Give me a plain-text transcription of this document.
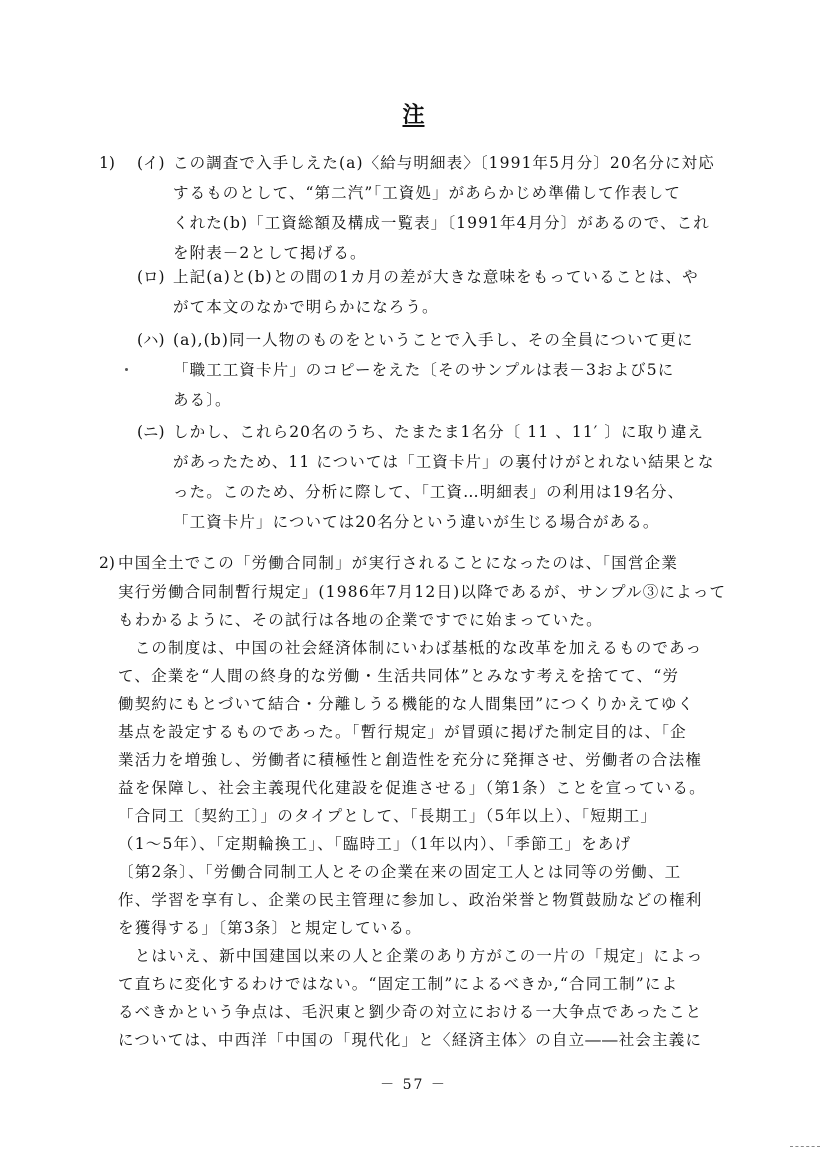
注
1) (イ) この調査で入手しえた(a)〈給与明細表〉〔1991年5月分〕20名分に対応
するものとして、“第二汽”「工資処」があらかじめ準備して作表して
くれた(b)「工資総額及構成一覧表」〔1991年4月分〕があるので、これ
を附表－2として掲げる。
(ロ) 上記(a)と(b)との間の1カ月の差が大きな意味をもっていることは、や
がて本文のなかで明らかになろう。
(ハ) (a),(b)同一人物のものをということで入手し、その全員について更に
「職工工資卡片」のコピーをえた〔そのサンプルは表－3および5に
ある〕。
(ニ) しかし、これら20名のうち、たまたま1名分〔 11 、11′ 〕に取り違え
があったため、11 については「工資卡片」の裏付けがとれない結果とな
った。このため、分析に際して、「工資…明細表」の利用は19名分、
「工資卡片」については20名分という違いが生じる場合がある。
2) 中国全土でこの「労働合同制」が実行されることになったのは、「国営企業
実行労働合同制暫行規定」(1986年7月12日)以降であるが、サンプル③によって
もわかるように、その試行は各地の企業ですでに始まっていた。
　この制度は、中国の社会経済体制にいわば基柢的な改革を加えるものであっ
て、企業を“人間の終身的な労働・生活共同体”とみなす考えを捨てて、“労
働契約にもとづいて結合・分離しうる機能的な人間集団”につくりかえてゆく
基点を設定するものであった。「暫行規定」が冒頭に掲げた制定目的は、「企
業活力を増強し、労働者に積極性と創造性を充分に発揮させ、労働者の合法権
益を保障し、社会主義現代化建設を促進させる」（第1条）ことを宣っている。
「合同工〔契約工〕」のタイプとして、「長期工」（5年以上）、「短期工」
（1～5年）、「定期輪換工」、「臨時工」（1年以内）、「季節工」をあげ
〔第2条〕、「労働合同制工人とその企業在来の固定工人とは同等の労働、工
作、学習を享有し、企業の民主管理に参加し、政治栄誉と物質鼓励などの権利
を獲得する」〔第3条〕と規定している。
　とはいえ、新中国建国以来の人と企業のあり方がこの一片の「規定」によっ
て直ちに変化するわけではない。“固定工制”によるべきか,“合同工制”によ
るべきかという争点は、毛沢東と劉少奇の対立における一大争点であったこと
については、中西洋「中国の「現代化」と〈経済主体〉の自立――社会主義に
－ 57 －
